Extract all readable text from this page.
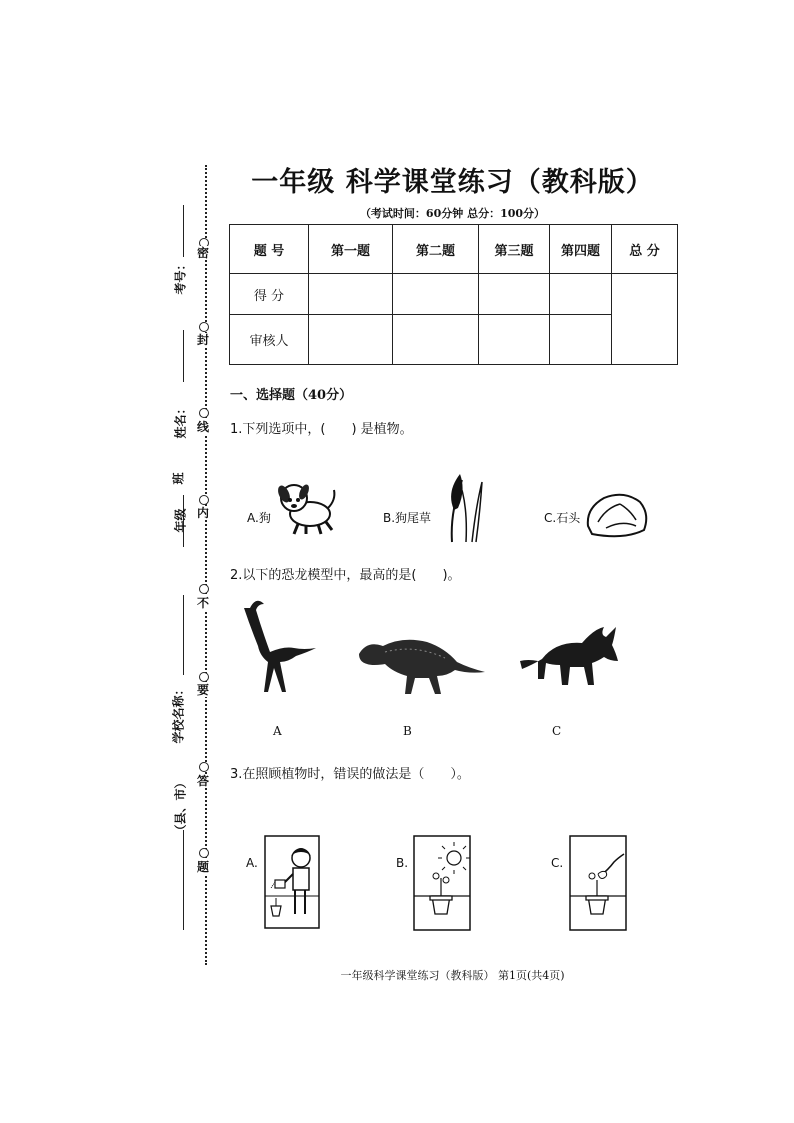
密
封
线
内
不
要
答
题
考号：
姓名：
年级
班
学校名称：
（县、市）
一年级 科学课堂练习（教科版）
（考试时间：60分钟 总分：100分）
题 号	第一题	第二题	第三题	第四题	总 分
得 分					
审核人					
一、选择题（40分）
1.下列选项中，(　　) 是植物。
A.狗	B.狗尾草	C.石头
2.以下的恐龙模型中，最高的是(　　)。
A	B	C
3.在照顾植物时，错误的做法是（　　）。
A.	B.	C.
一年级科学课堂练习（教科版） 第1页(共4页)
